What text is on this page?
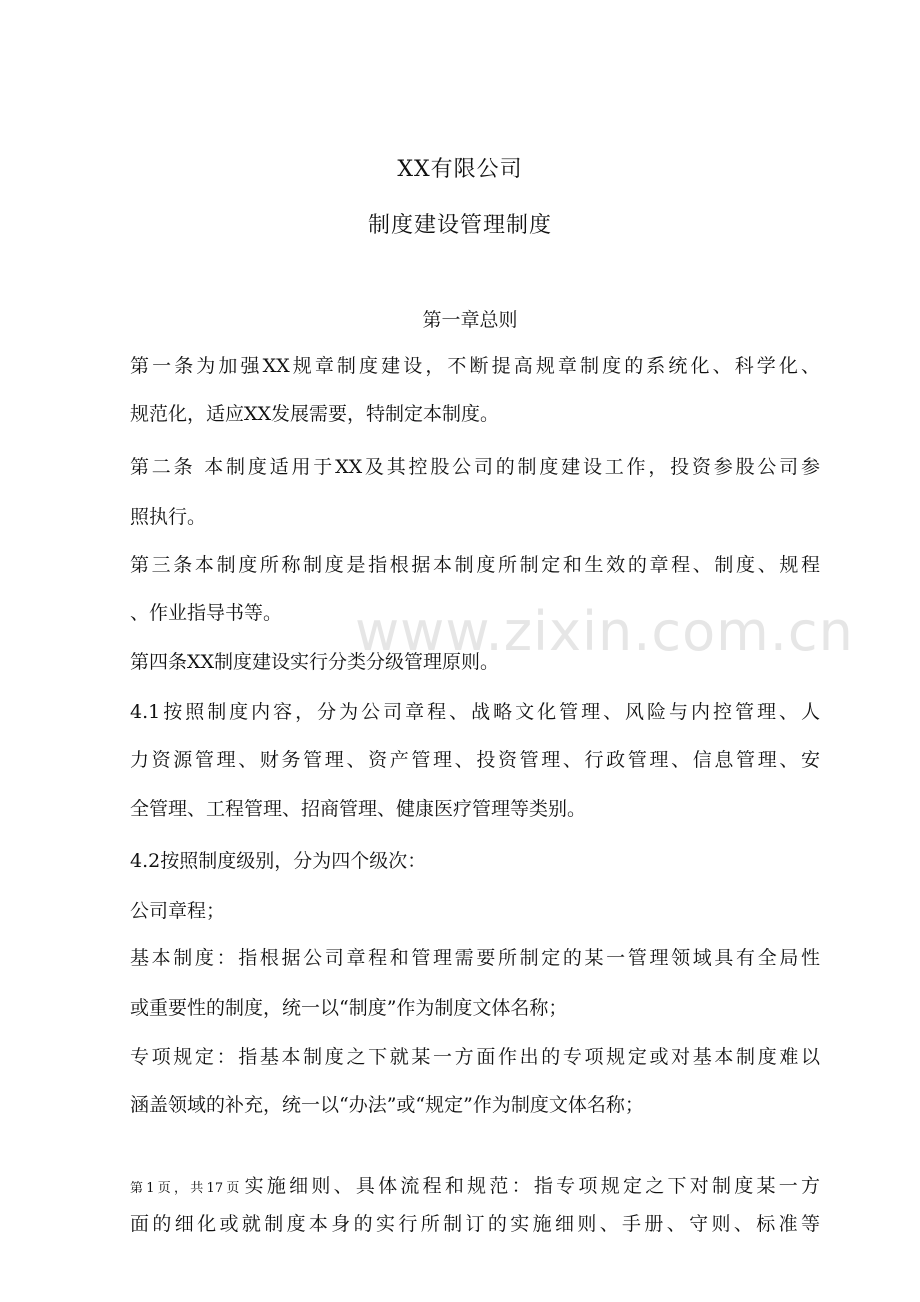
XX有限公司
制度建设管理制度
第一章总则
第一条为加强XX规章制度建设，不断提高规章制度的系统化、科学化、
规范化，适应XX发展需要，特制定本制度。
第二条 本制度适用于XX及其控股公司的制度建设工作，投资参股公司参
照执行。
第三条本制度所称制度是指根据本制度所制定和生效的章程、制度、规程
、作业指导书等。
第四条XX制度建设实行分类分级管理原则。
4.1按照制度内容，分为公司章程、战略文化管理、风险与内控管理、人
力资源管理、财务管理、资产管理、投资管理、行政管理、信息管理、安
全管理、工程管理、招商管理、健康医疗管理等类别。
4.2按照制度级别，分为四个级次：
公司章程；
基本制度：指根据公司章程和管理需要所制定的某一管理领域具有全局性
或重要性的制度，统一以“制度”作为制度文体名称；
专项规定：指基本制度之下就某一方面作出的专项规定或对基本制度难以
涵盖领域的补充，统一以“办法”或“规定”作为制度文体名称；
第1页，共17页 实施细则、具体流程和规范：指专项规定之下对制度某一方
面的细化或就制度本身的实行所制订的实施细则、手册、守则、标准等
www.zixin.com.cn
